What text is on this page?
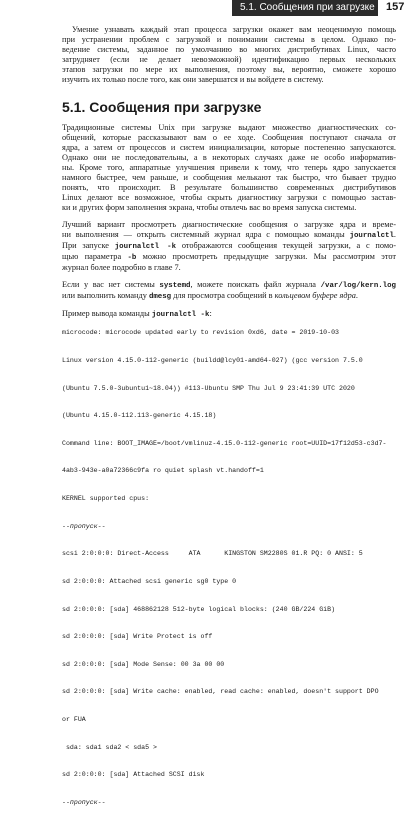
5.1. Сообщения при загрузке 157

Умение узнавать каждый этап процесса загрузки окажет вам неоценимую помощь
при устранении проблем с загрузкой и понимании системы в целом. Однако по-
ведение системы, заданное по умолчанию во многих дистрибутивах Linux, часто
затрудняет (если не делает невозможной) идентификацию первых нескольких
этапов загрузки по мере их выполнения, поэтому вы, вероятно, сможете хорошо
изучить их только после того, как они завершатся и вы войдете в систему.

5.1. Сообщения при загрузке

Традиционные системы Unix при загрузке выдают множество диагностических со-
общений, которые рассказывают вам о ее ходе. Сообщения поступают сначала от
ядра, а затем от процессов и систем инициализации, которые постепенно запускаются.
Однако они не последовательны, а в некоторых случаях даже не особо информатив-
ны. Кроме того, аппаратные улучшения привели к тому, что теперь ядро запускается
намного быстрее, чем раньше, и сообщения мелькают так быстро, что бывает трудно
понять, что происходит. В результате большинство современных дистрибутивов
Linux делают все возможное, чтобы скрыть диагностику загрузки с помощью застав-
ки и других форм заполнения экрана, чтобы отвлечь вас во время запуска системы.

Лучший вариант просмотреть диагностические сообщения о загрузке ядра и време-
ни выполнения — открыть системный журнал ядра с помощью команды journalctl.
При запуске journalctl -k отображаются сообщения текущей загрузки, а с помо-
щью параметра -b можно просмотреть предыдущие загрузки. Мы рассмотрим этот
журнал более подробно в главе 7.

Если у вас нет системы systemd, можете поискать файл журнала /var/log/kern.log
или выполнить команду dmesg для просмотра сообщений в кольцевом буфере ядра.

Пример вывода команды journalctl -k:

microcode: microcode updated early to revision 0xd6, date = 2019-10-03

Linux version 4.15.0-112-generic (buildd@lcy01-amd64-027) (gcc version 7.5.0

(Ubuntu 7.5.0-3ubuntu1~18.04)) #113-Ubuntu SMP Thu Jul 9 23:41:39 UTC 2020

(Ubuntu 4.15.0-112.113-generic 4.15.18)

Command line: BOOT_IMAGE=/boot/vmlinuz-4.15.0-112-generic root=UUID=17f12d53-c3d7-

4ab3-943e-a0a72366c9fa ro quiet splash vt.handoff=1

KERNEL supported cpus:

--пропуск--

scsi 2:0:0:0: Direct-Access     ATA      KINGSTON SM2280S 01.R PQ: 0 ANSI: 5

sd 2:0:0:0: Attached scsi generic sg0 type 0

sd 2:0:0:0: [sda] 468862128 512-byte logical blocks: (240 GB/224 GiB)

sd 2:0:0:0: [sda] Write Protect is off

sd 2:0:0:0: [sda] Mode Sense: 00 3a 00 00

sd 2:0:0:0: [sda] Write cache: enabled, read cache: enabled, doesn't support DPO

or FUA

sda: sda1 sda2 < sda5 >

sd 2:0:0:0: [sda] Attached SCSI disk

--пропуск--
